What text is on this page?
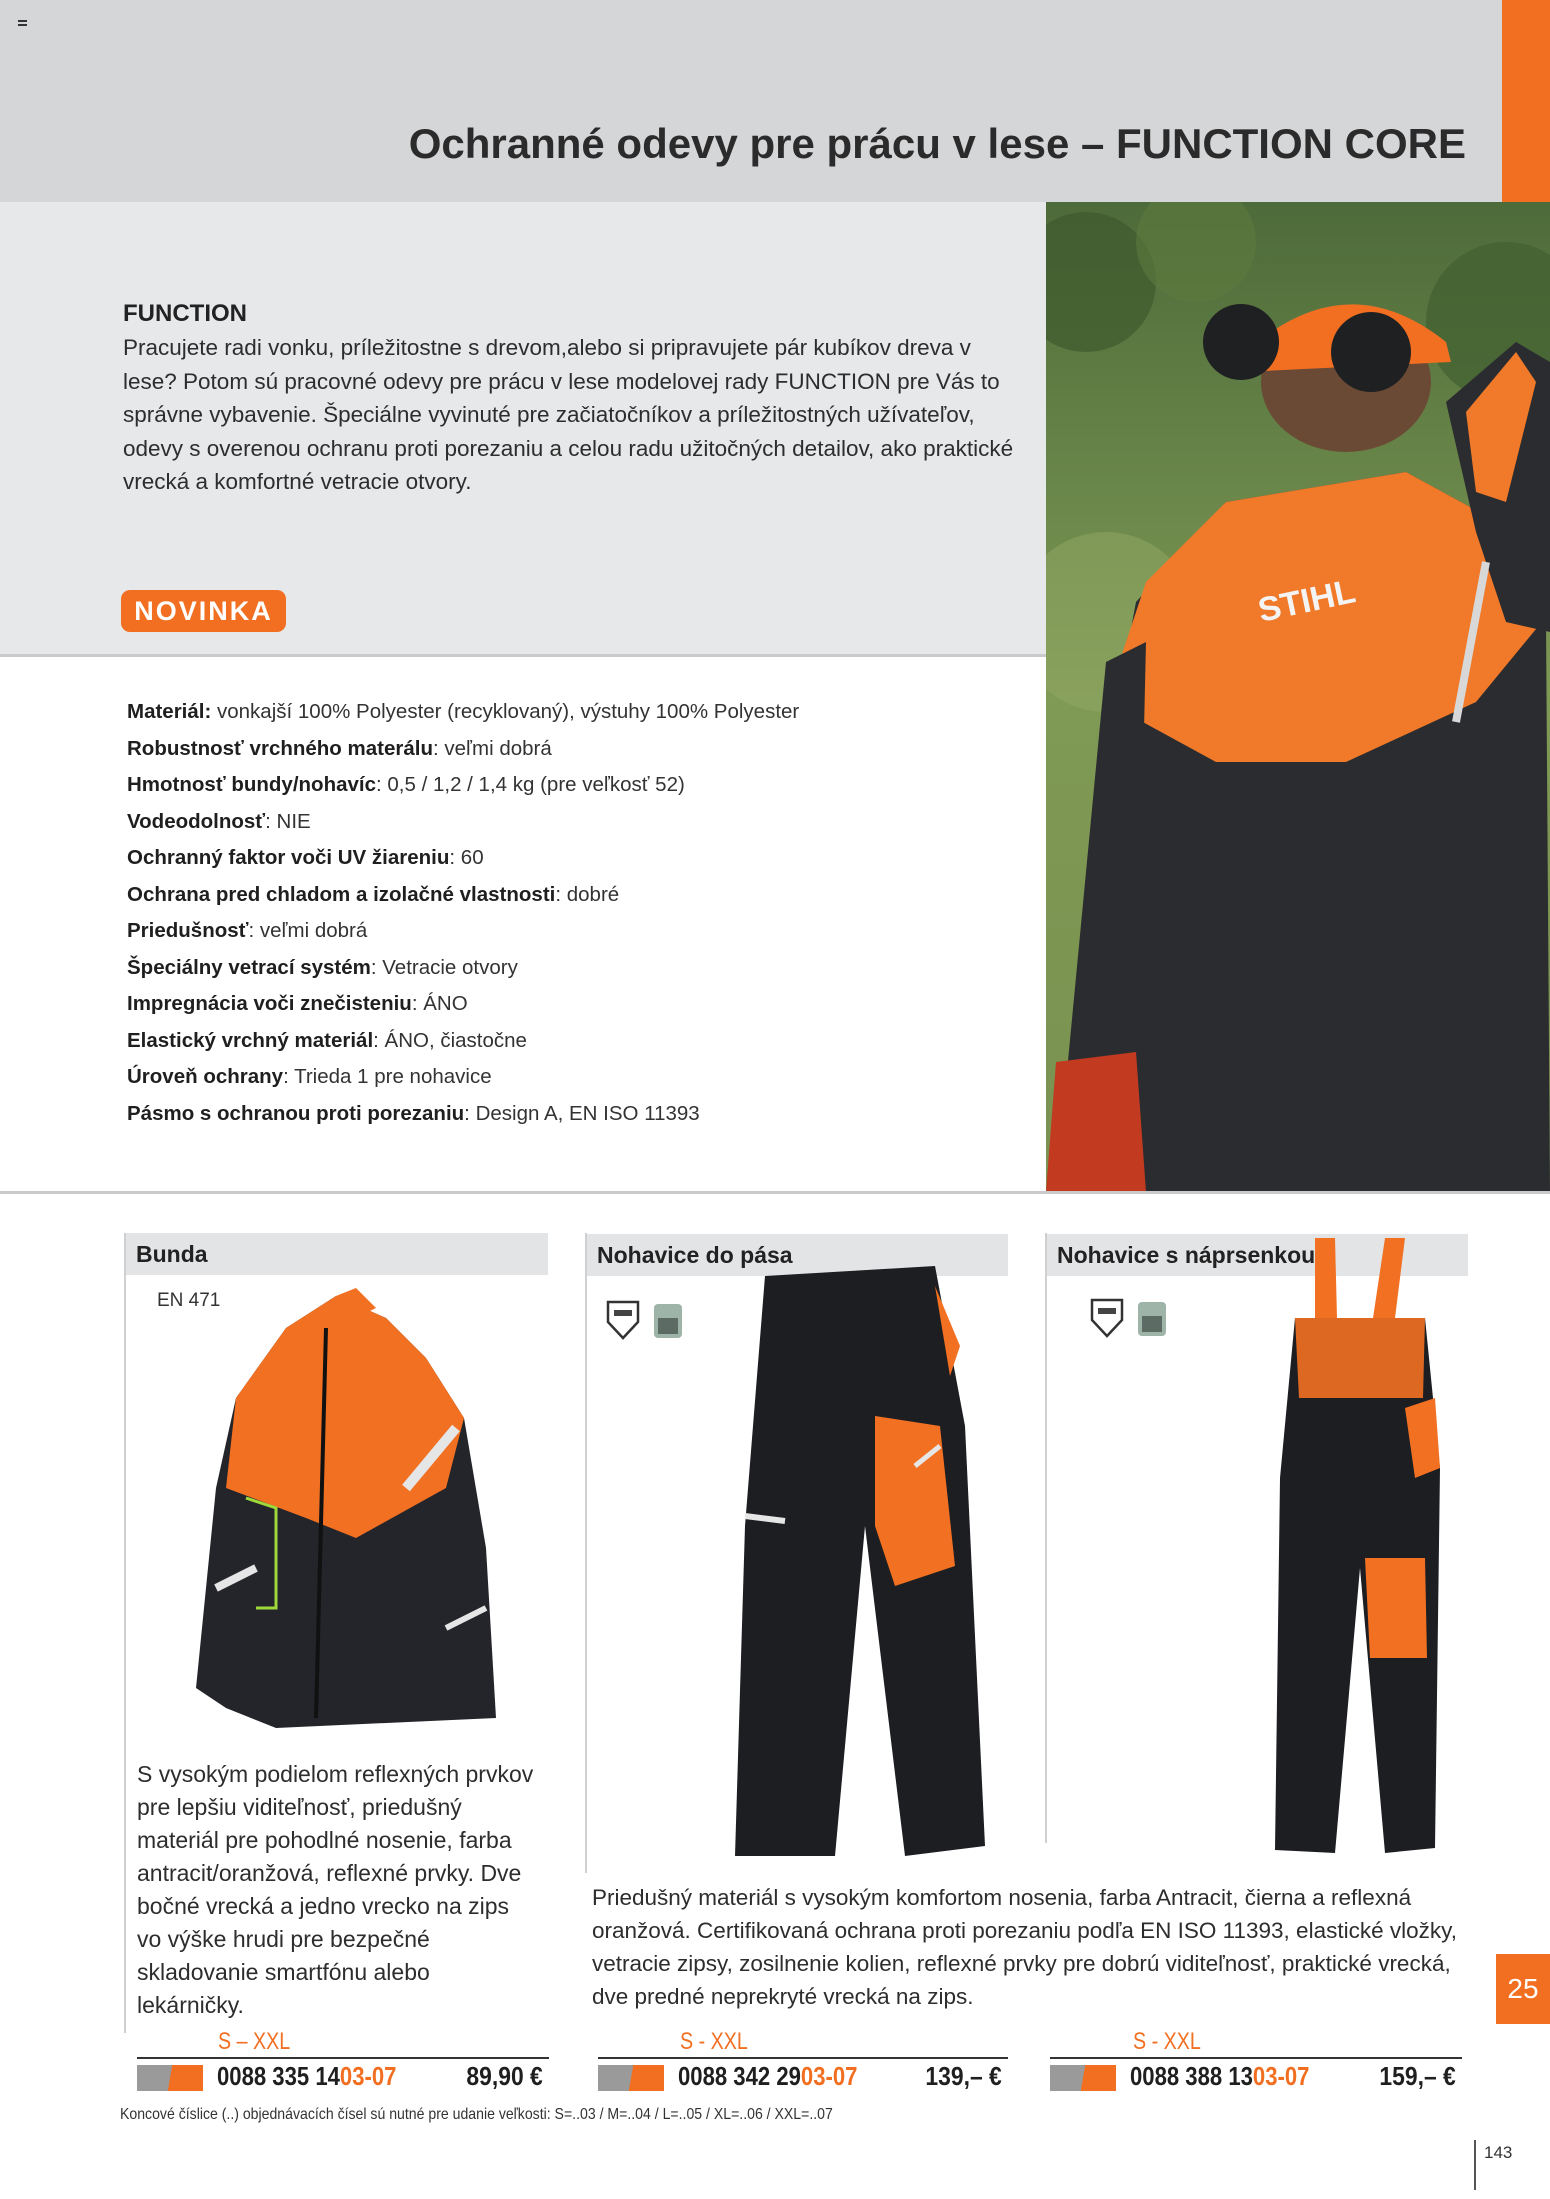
Ochranné odevy pre prácu v lese – FUNCTION CORE
FUNCTION

Pracujete radi vonku, príležitostne s drevom,alebo si pripravujete pár kubíkov dreva v lese? Potom sú pracovné odevy pre prácu v lese modelovej rady FUNCTION pre Vás to správne vybavenie. Špeciálne vyvinuté pre začiatočníkov a príležitostných užívateľov, odevy s overenou ochranu proti porezaniu a celou radu užitočných detailov, ako praktické vrecká a komfortné vetracie otvory.

NOVINKA
Materiál: vonkajší 100% Polyester (recyklovaný), výstuhy 100% Polyester
Robustnosť vrchného materálu: veľmi dobrá
Hmotnosť bundy/nohavíc: 0,5 / 1,2 / 1,4 kg (pre veľkosť 52)
Vodeodolnosť: NIE
Ochranný faktor voči UV žiareniu: 60
Ochrana pred chladom a izolačné vlastnosti: dobré
Priedušnosť: veľmi dobrá
Špeciálny vetrací systém: Vetracie otvory
Impregnácia voči znečisteniu: ÁNO
Elastický vrchný materiál: ÁNO, čiastočne
Úroveň ochrany: Trieda 1 pre nohavice
Pásmo s ochranou proti porezaniu: Design A, EN ISO 11393
STIHL
Bunda	Nohavice do pása	Nohavice s náprsenkou
EN 471

S vysokým podielom reflexných prvkov pre lepšiu viditeľnosť, priedušný materiál pre pohodlné nosenie, farba antracit/oranžová, reflexné prvky. Dve bočné vrecká a jedno vrecko na zips vo výške hrudi pre bezpečné skladovanie smartfónu alebo lekárničky.

Priedušný materiál s vysokým komfortom nosenia, farba Antracit, čierna a reflexná oranžová. Certifikovaná ochrana proti porezaniu podľa EN ISO 11393, elastické vložky, vetracie zipsy, zosilnenie kolien, reflexné prvky pre dobrú viditeľnosť, praktické vrecká, dve predné neprekryté vrecká na zips.

S – XXL	S - XXL	S - XXL
0088 335 1403-07	89,90 €	0088 342 2903-07	139,– €	0088 388 1303-07	159,– €
Koncové číslice (..) objednávacích čísel sú nutné pre udanie veľkosti: S=..03 / M=..04 / L=..05 / XL=..06 / XXL=..07
25
143
